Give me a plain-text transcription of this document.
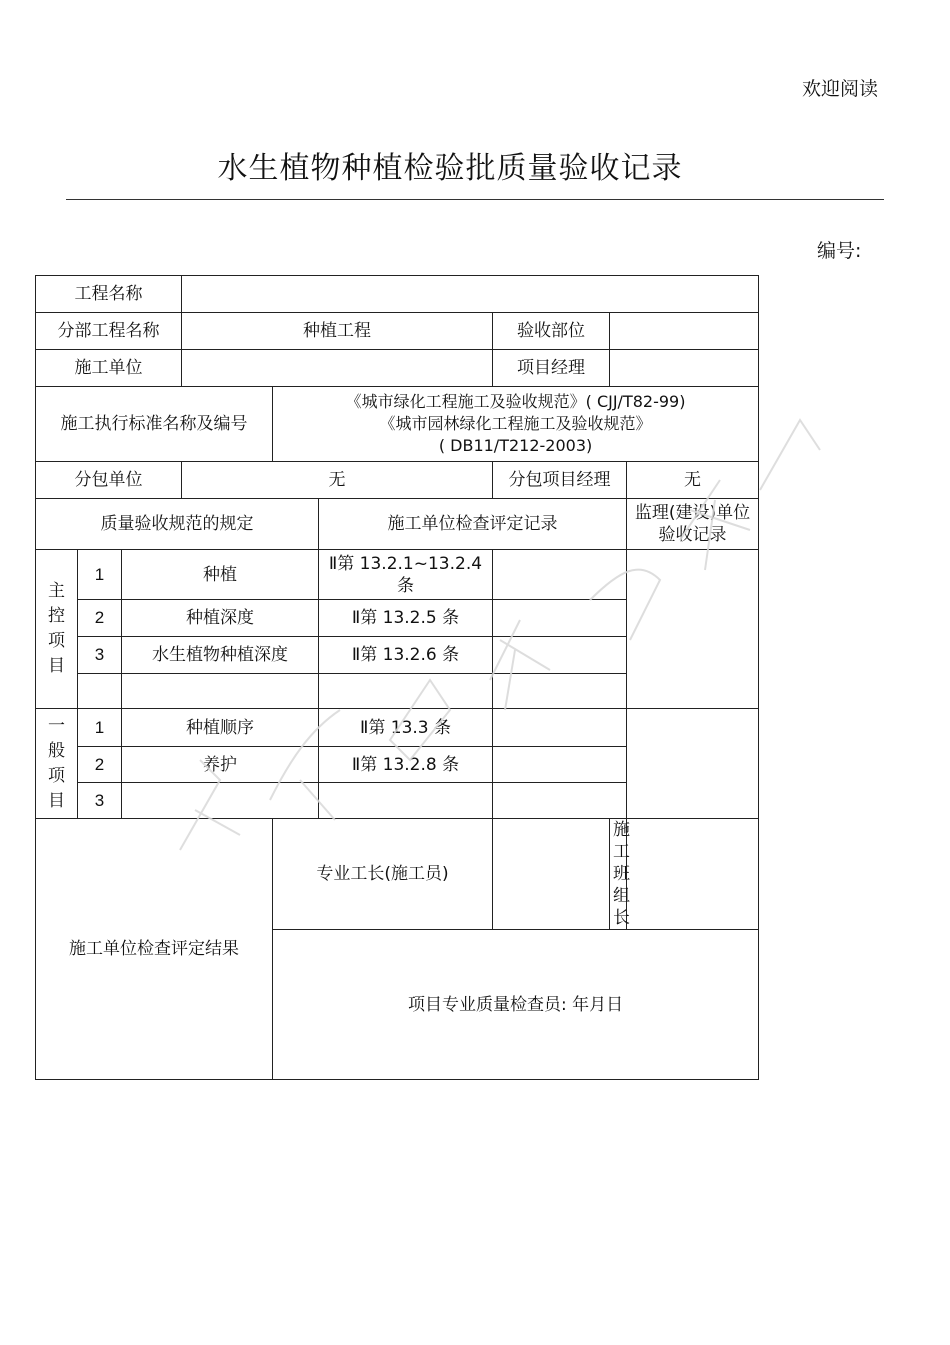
欢迎阅读
水生植物种植检验批质量验收记录
编号:
工程名称								
分部工程名称			种植工程			验收部位		
施工单位						项目经理		
施工执行标准名称及编号				《城市绿化工程施工及验收规范》( CJJ/T82-99)
《城市园林绿化工程施工及验收规范》
( DB11/T212-2003)				

分包单位			无			分包项目经理		无
质量验收规范的规定					施工单位检查评定记录			监理(建设)单位验收记录
主控项目	1	种植			Ⅱ第 13.2.1~13.2.4 条			
	2	种植深度			Ⅱ第 13.2.5 条			
	3	水生植物种植深度			Ⅱ第 13.2.6 条			

一般项目	1	种植顺序			Ⅱ第 13.3 条			
	2	养护			Ⅱ第 13.2.8 条			
	3							
施工单位检查评定结果				专业工长(施工员)			施工班组长	

				项目专业质量检查员: 年月日				
